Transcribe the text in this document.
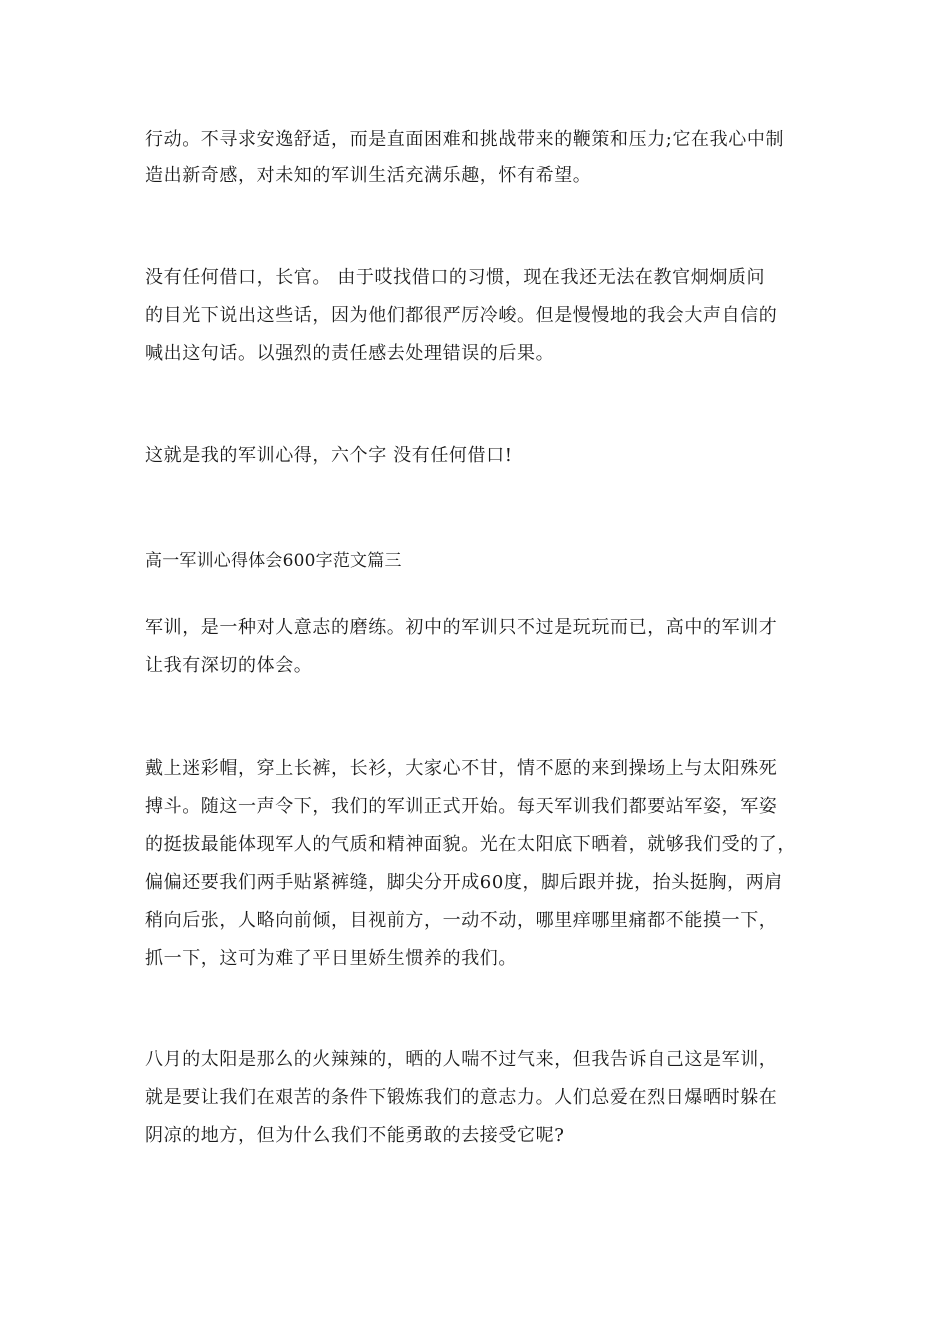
行动。不寻求安逸舒适，而是直面困难和挑战带来的鞭策和压力;它在我心中制
造出新奇感，对未知的军训生活充满乐趣，怀有希望。
没有任何借口，长官。 由于哎找借口的习惯，现在我还无法在教官炯炯质问
的目光下说出这些话，因为他们都很严厉冷峻。但是慢慢地的我会大声自信的
喊出这句话。以强烈的责任感去处理错误的后果。
这就是我的军训心得，六个字 没有任何借口!
高一军训心得体会600字范文篇三
军训，是一种对人意志的磨练。初中的军训只不过是玩玩而已，高中的军训才
让我有深切的体会。
戴上迷彩帽，穿上长裤，长衫，大家心不甘，情不愿的来到操场上与太阳殊死
搏斗。随这一声令下，我们的军训正式开始。每天军训我们都要站军姿，军姿
的挺拔最能体现军人的气质和精神面貌。光在太阳底下晒着，就够我们受的了，
偏偏还要我们两手贴紧裤缝，脚尖分开成60度，脚后跟并拢，抬头挺胸，两肩
稍向后张，人略向前倾，目视前方，一动不动，哪里痒哪里痛都不能摸一下，
抓一下，这可为难了平日里娇生惯养的我们。
八月的太阳是那么的火辣辣的，晒的人喘不过气来，但我告诉自己这是军训，
就是要让我们在艰苦的条件下锻炼我们的意志力。人们总爱在烈日爆晒时躲在
阴凉的地方，但为什么我们不能勇敢的去接受它呢?
